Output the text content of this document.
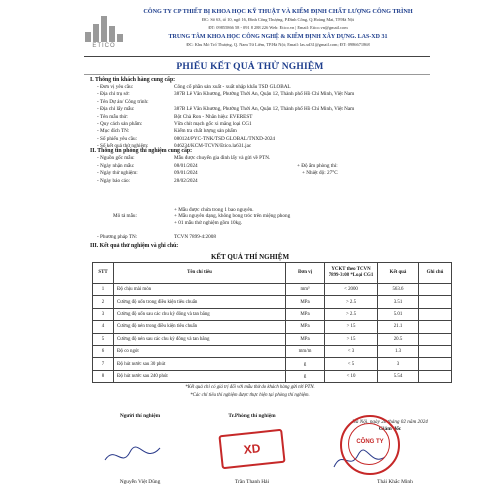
ETICO
CÔNG TY CP THIẾT BỊ KHOA HỌC KỸ THUẬT VÀ KIỂM ĐỊNH CHẤT LƯỢNG CÔNG TRÌNH
ĐC: Số 63, tổ 10, ngõ 16, Đình Công Thượng, P.Đình Công, Q.Hoàng Mai, TP.Hà Nội
ĐT: 09855866 58 - 091 8 288 226 Web: Etico.vn | Email: Etico.vn@gmail.com
TRUNG TÂM KHOA HỌC CÔNG NGHỆ & KIỂM ĐỊNH XÂY DỰNG. LAS-XD 31
ĐC: Khu Mỏ Trổ Thượng, Q. Nam Từ Liêm, TP.Hà Nội; Email: las.xd31@gmail.com; ĐT: 0986671868
PHIẾU KẾT QUẢ THỬ NGHIỆM
I. Thông tin khách hàng cung cấp:
- Đơn vị yêu cầu:	Công cổ phần sản xuất - xuất nhập khẩu TSD GLOBAL
- Địa chỉ trụ sở:	387B Lê Văn Khương, Phường Thới An, Quận 12, Thành phố Hồ Chí Minh, Việt Nam
- Tên Dự án/ Công trình:
- Địa chỉ lấy mẫu:	387B Lê Văn Khương, Phường Thới An, Quận 12, Thành phố Hồ Chí Minh, Việt Nam
- Tên mẫu thử:	Bột Chà Ron - Nhãn hiệu: EVEREST
- Quy cách sản phẩm:	Vữa chít mạch gốc xi măng loại CG1
- Mục đích TN:	Kiểm tra chất lượng sản phẩm
- Số phiếu yêu cầu:	080124/PYC-TNK/TSD GLOBAL/TNXD-2024
- Số kết quả thử nghiệm:	046234/KCM-TCVN/Etico.la631.jac
II. Thông tin phòng thí nghiệm cung cấp:
- Nguồn gốc mẫu:	Mẫu được chuyển gia đình lấy và gửi về PTN.
- Ngày nhận mẫu:	08/01/2024	+ Độ ẩm phòng thí:
- Ngày thử nghiệm:	09/01/2024	+ Nhiệt độ: 27°C
- Ngày báo cáo:	28/02/2024
Mô tả mẫu:
+ Mẫu được chứa trong 1 bao nguyên.
+ Mẫu nguyên dạng, không bong tróc trên miệng phong
+ 01 mẫu thử nghiệm gồm 10kg.
- Phương pháp TN:	TCVN 7899-4:2008
III. Kết quả thử nghiệm và ghi chú:
KẾT QUẢ THÍ NGHIỆM
STT	Tên chỉ tiêu	Đơn vị	YCKT theo TCVN 7899-3:08 *Loại CG1	Kết quả	Ghi chú
1	Độ chịu mài mòn	mm³	< 2000	563.6	
2	Cường độ uốn trong điều kiện tiêu chuẩn	MPa	> 2.5	3.51	
3	Cường độ uốn sau các chu kỳ đông và tan băng	MPa	> 2.5	5.01	
4	Cường độ nén trong điều kiện tiêu chuẩn	MPa	> 15	21.1	
5	Cường độ nén sau các chu kỳ đông và tan băng	MPa	> 15	20.5	
6	Độ co ngót	mm/m	< 3	1.3	
7	Độ hút nước sau 30 phút	g	< 5	3	
8	Độ hút nước sau 240 phút	g	< 10	5.54	
*Kết quả chỉ có giá trị đối với mẫu thử do khách hàng gửi tới PTN.
*Các chỉ tiêu thí nghiệm được thực hiện tại phòng thí nghiệm.
Hà Nội, ngày 28 tháng 02 năm 2024
Người thí nghiệm	Tr.Phòng thí nghiệm
Giám đốc
XD	CÔNG TY
Nguyễn Việt Dũng	Trần Thanh Hải	Thái Khắc Minh
